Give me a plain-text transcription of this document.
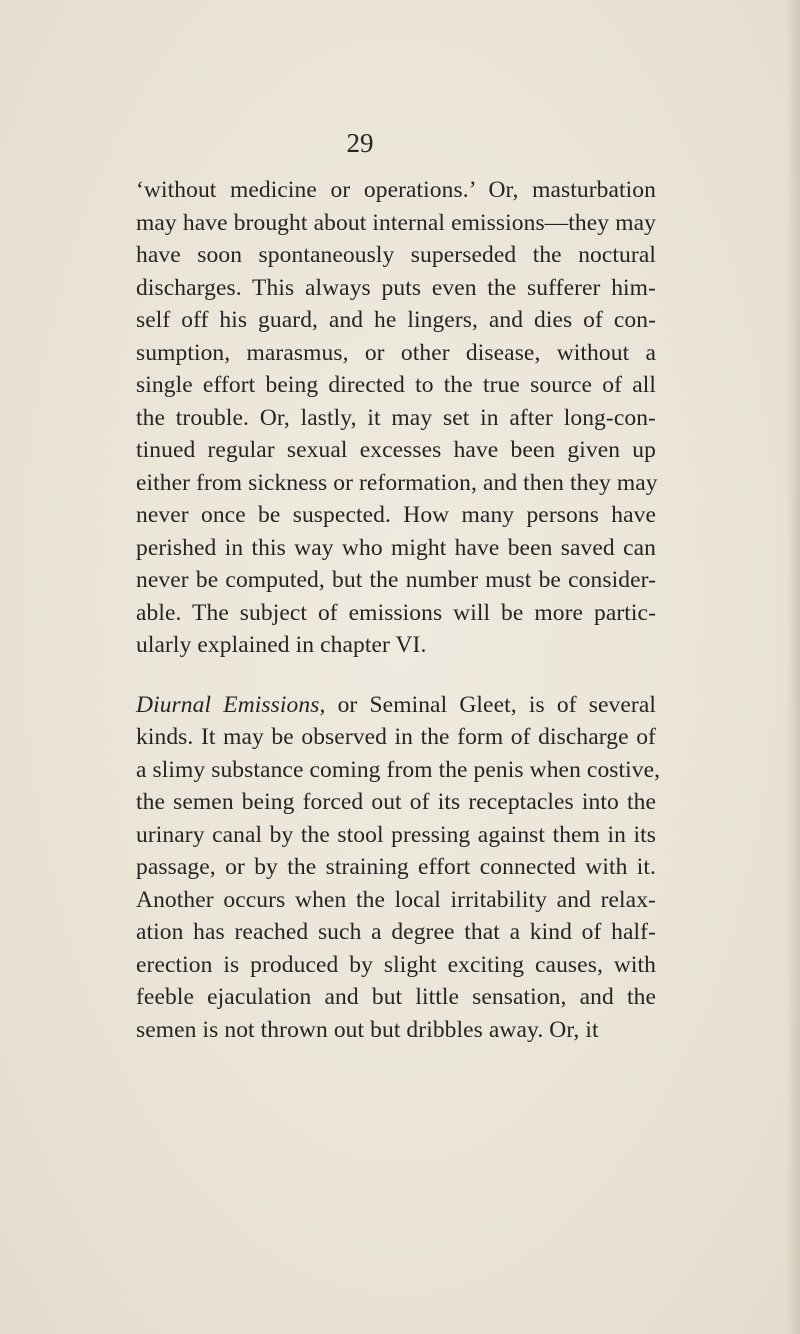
29
‘without medicine or operations.’ Or, masturbation
may have brought about internal emissions—they may
have soon spontaneously superseded the noctural
discharges. This always puts even the sufferer him-
self off his guard, and he lingers, and dies of con-
sumption, marasmus, or other disease, without a
single effort being directed to the true source of all
the trouble. Or, lastly, it may set in after long-con-
tinued regular sexual excesses have been given up
either from sickness or reformation, and then they may
never once be suspected. How many persons have
perished in this way who might have been saved can
never be computed, but the number must be consider-
able. The subject of emissions will be more partic-
ularly explained in chapter VI.
Diurnal Emissions, or Seminal Gleet, is of several
kinds. It may be observed in the form of discharge of
a slimy substance coming from the penis when costive,
the semen being forced out of its receptacles into the
urinary canal by the stool pressing against them in its
passage, or by the straining effort connected with it.
Another occurs when the local irritability and relax-
ation has reached such a degree that a kind of half-
erection is produced by slight exciting causes, with
feeble ejaculation and but little sensation, and the
semen is not thrown out but dribbles away. Or, it
